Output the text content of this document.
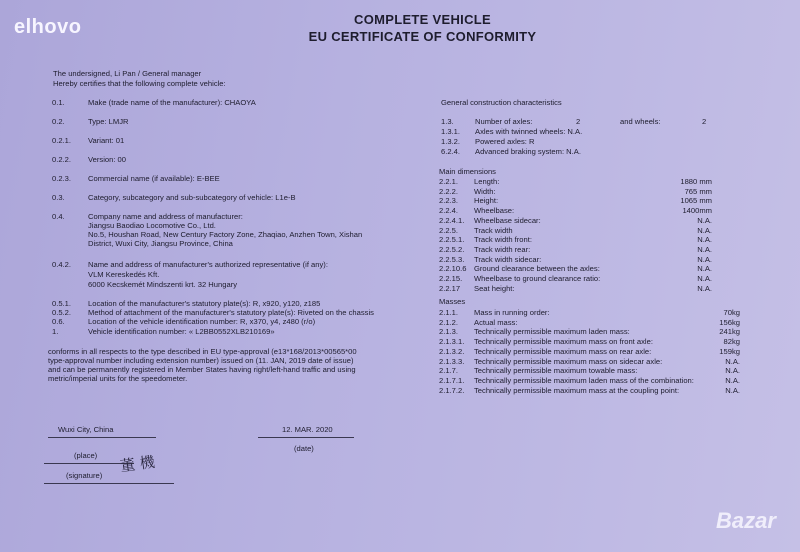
elhovo
Bazar
COMPLETE VEHICLE
EU CERTIFICATE OF CONFORMITY
The undersigned, Li Pan / General manager
Hereby certifies that the following complete vehicle:
0.1.	Make (trade name of the manufacturer): CHAOYA
0.2.	Type: LMJR
0.2.1. Variant: 01
0.2.2. Version: 00
0.2.3. Commercial name (if available): E-BEE
0.3.	Category, subcategory and sub-subcategory of vehicle: L1e-B
0.4.	Company name and address of manufacturer:
Jiangsu Baodiao Locomotive Co., Ltd.
No.5, Houshan Road, New Century Factory Zone, Zhaqiao, Anzhen Town, Xishan
District, Wuxi City, Jiangsu Province, China
0.4.2. Name and address of manufacturer's authorized representative (if any):
VLM Kereskedés Kft.
6000 Kecskemét Mindszenti krt. 32 Hungary
0.5.1. Location of the manufacturer's statutory plate(s): R, x920, y120, z185
0.5.2. Method of attachment of the manufacturer's statutory plate(s): Riveted on the chassis
0.6.	Location of the vehicle identification number: R, x370, y4, z480 (r/o)
1.	Vehicle identification number: « L2BB0552XLB210169»
conforms in all respects to the type described in EU type-approval (e13*168/2013*00565*00
type-approval number including extension number) issued on (11. JAN, 2019 date of issue)
and can be permanently registered in Member States having right/left-hand traffic and using
metric/imperial units for the speedometer.
Wuxi City, China	12. MAR. 2020
(date)
(place) 董 機
(signature)
General construction characteristics
1.3.	Number of axles:	2	and wheels:	2
1.3.1. Axles with twinned wheels: N.A.
1.3.2. Powered axles: R
6.2.4. Advanced braking system: N.A.
Main dimensions
2.2.1. Length:	1880 mm
2.2.2. Width:	765 mm
2.2.3. Height:	1065 mm
2.2.4. Wheelbase:	1400mm
2.2.4.1. Wheelbase sidecar:	N.A.
2.2.5. Track width	N.A.
2.2.5.1. Track width front:	N.A.
2.2.5.2. Track width rear:	N.A.
2.2.5.3. Track width sidecar:	N.A.
2.2.10.6 Ground clearance between the axles:	N.A.
2.2.15. Wheelbase to ground clearance ratio:	N.A.
2.2.17 Seat height:	N.A.
Masses
2.1.1. Mass in running order:	70kg
2.1.2. Actual mass:	156kg
2.1.3. Technically permissible maximum laden mass:	241kg
2.1.3.1. Technically permissible maximum mass on front axle:	82kg
2.1.3.2. Technically permissible maximum mass on rear axle:	159kg
2.1.3.3. Technically permissible maximum mass on sidecar axle:	N.A.
2.1.7. Technically permissible maximum towable mass:	N.A.
2.1.7.1. Technically permissible maximum laden mass of the combination:	N.A.
2.1.7.2. Technically permissible maximum mass at the coupling point:	N.A.
